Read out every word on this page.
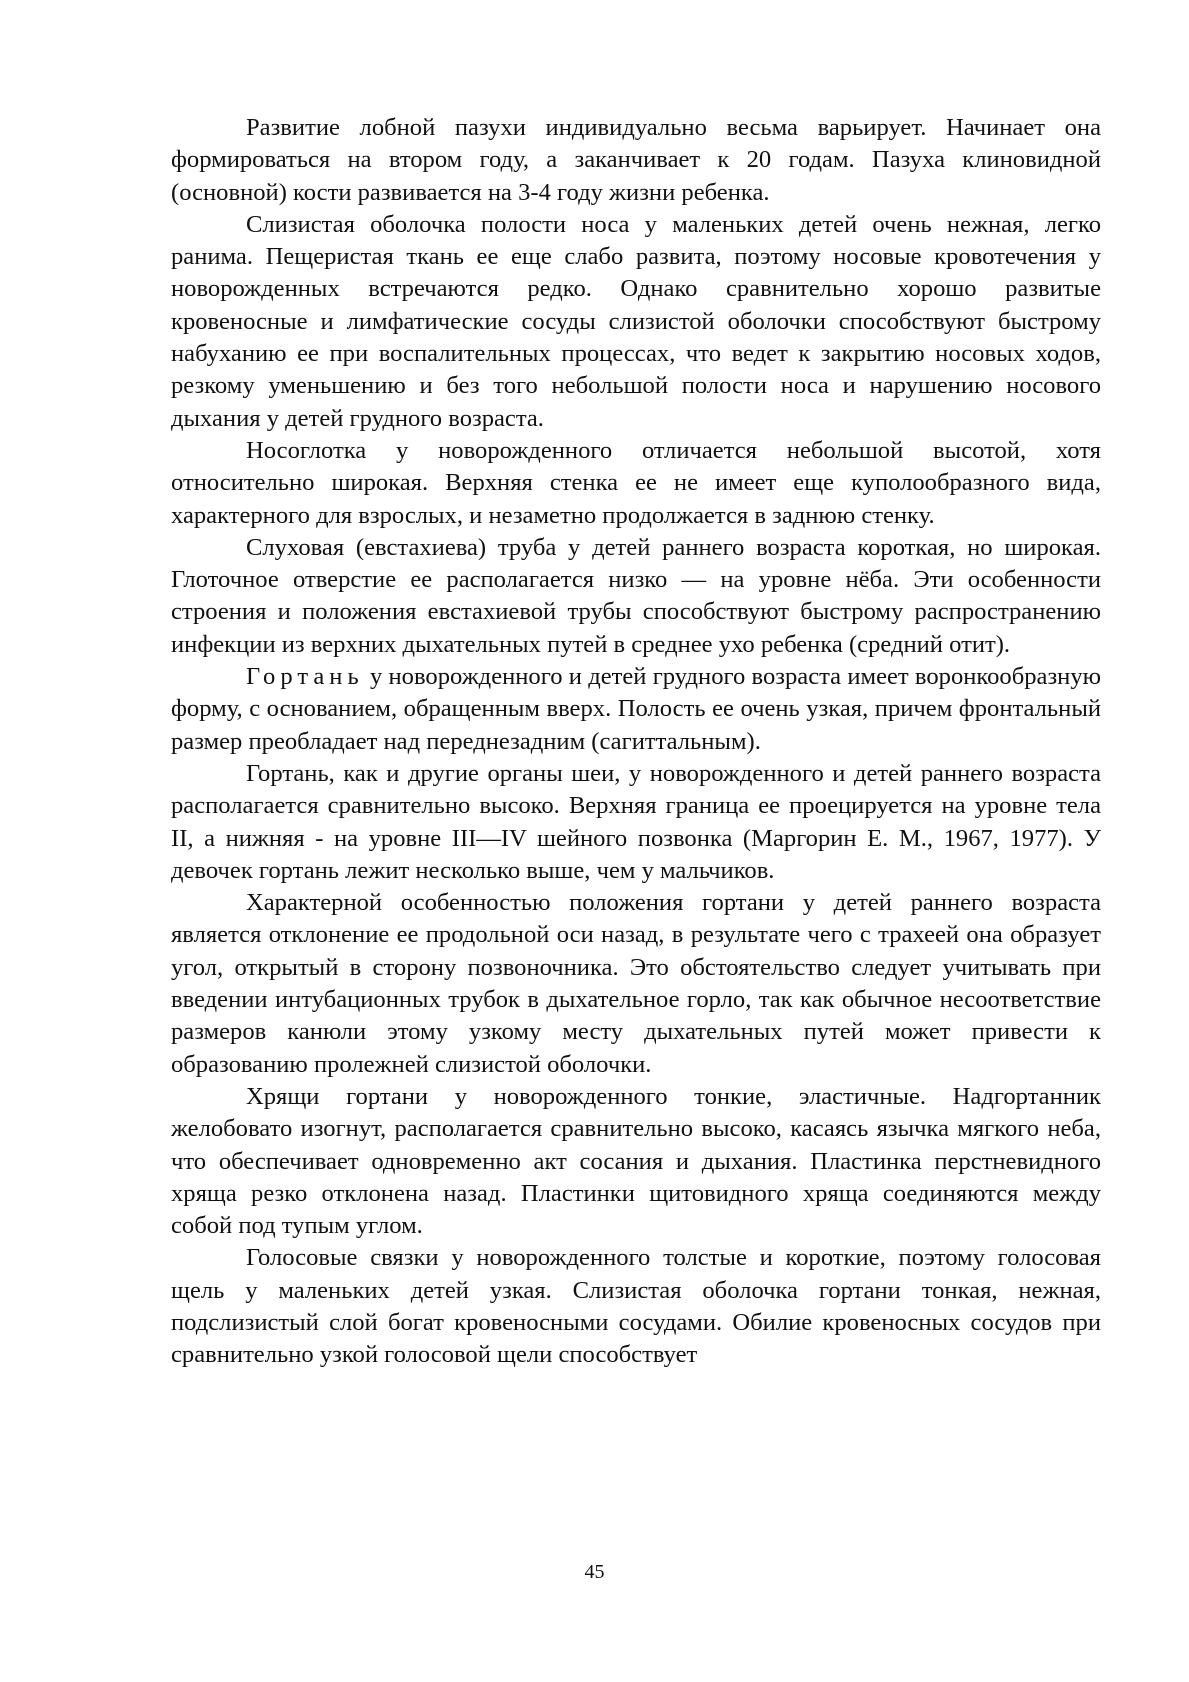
Развитие лобной пазухи индивидуально весьма варьирует. Начинает она формироваться на втором году, а заканчивает к 20 годам. Пазуха клиновидной (основной) кости развивается на 3-4 году жизни ребенка.

Слизистая оболочка полости носа у маленьких детей очень нежная, легко ранима. Пещеристая ткань ее еще слабо развита, поэтому носовые кровотечения у новорожденных встречаются редко. Однако сравнительно хорошо развитые кровеносные и лимфатические сосуды слизистой оболочки способствуют быстрому набуханию ее при воспалительных процессах, что ведет к закрытию носовых ходов, резкому уменьшению и без того небольшой полости носа и нарушению носового дыхания у детей грудного возраста.

Носоглотка у новорожденного отличается небольшой высотой, хотя относительно широкая. Верхняя стенка ее не имеет еще куполообразного вида, характерного для взрослых, и незаметно продолжается в заднюю стенку.

Слуховая (евстахиева) труба у детей раннего возраста короткая, но широкая. Глоточное отверстие ее располагается низко — на уровне нёба. Эти особенности строения и положения евстахиевой трубы способствуют быстрому распространению инфекции из верхних дыхательных путей в среднее ухо ребенка (средний отит).

Гортань у новорожденного и детей грудного возраста имеет воронкообразную форму, с основанием, обращенным вверх. Полость ее очень узкая, причем фронтальный размер преобладает над переднезадним (сагиттальным).

Гортань, как и другие органы шеи, у новорожденного и детей раннего возраста располагается сравнительно высоко. Верхняя граница ее проецируется на уровне тела II, а нижняя - на уровне III—IV шейного позвонка (Маргорин Е. М., 1967, 1977). У девочек гортань лежит несколько выше, чем у мальчиков.

Характерной особенностью положения гортани у детей раннего возраста является отклонение ее продольной оси назад, в результате чего с трахеей она образует угол, открытый в сторону позвоночника. Это обстоятельство следует учитывать при введении интубационных трубок в дыхательное горло, так как обычное несоответствие размеров канюли этому узкому месту дыхательных путей может привести к образованию пролежней слизистой оболочки.

Хрящи гортани у новорожденного тонкие, эластичные. Надгортанник желобовато изогнут, располагается сравнительно высоко, касаясь язычка мягкого неба, что обеспечивает одновременно акт сосания и дыхания. Пластинка перстневидного хряща резко отклонена назад. Пластинки щитовидного хряща соединяются между собой под тупым углом.

Голосовые связки у новорожденного толстые и короткие, поэтому голосовая щель у маленьких детей узкая. Слизистая оболочка гортани тонкая, нежная, подслизистый слой богат кровеносными сосудами. Обилие кровеносных сосудов при сравнительно узкой голосовой щели способствует

45
